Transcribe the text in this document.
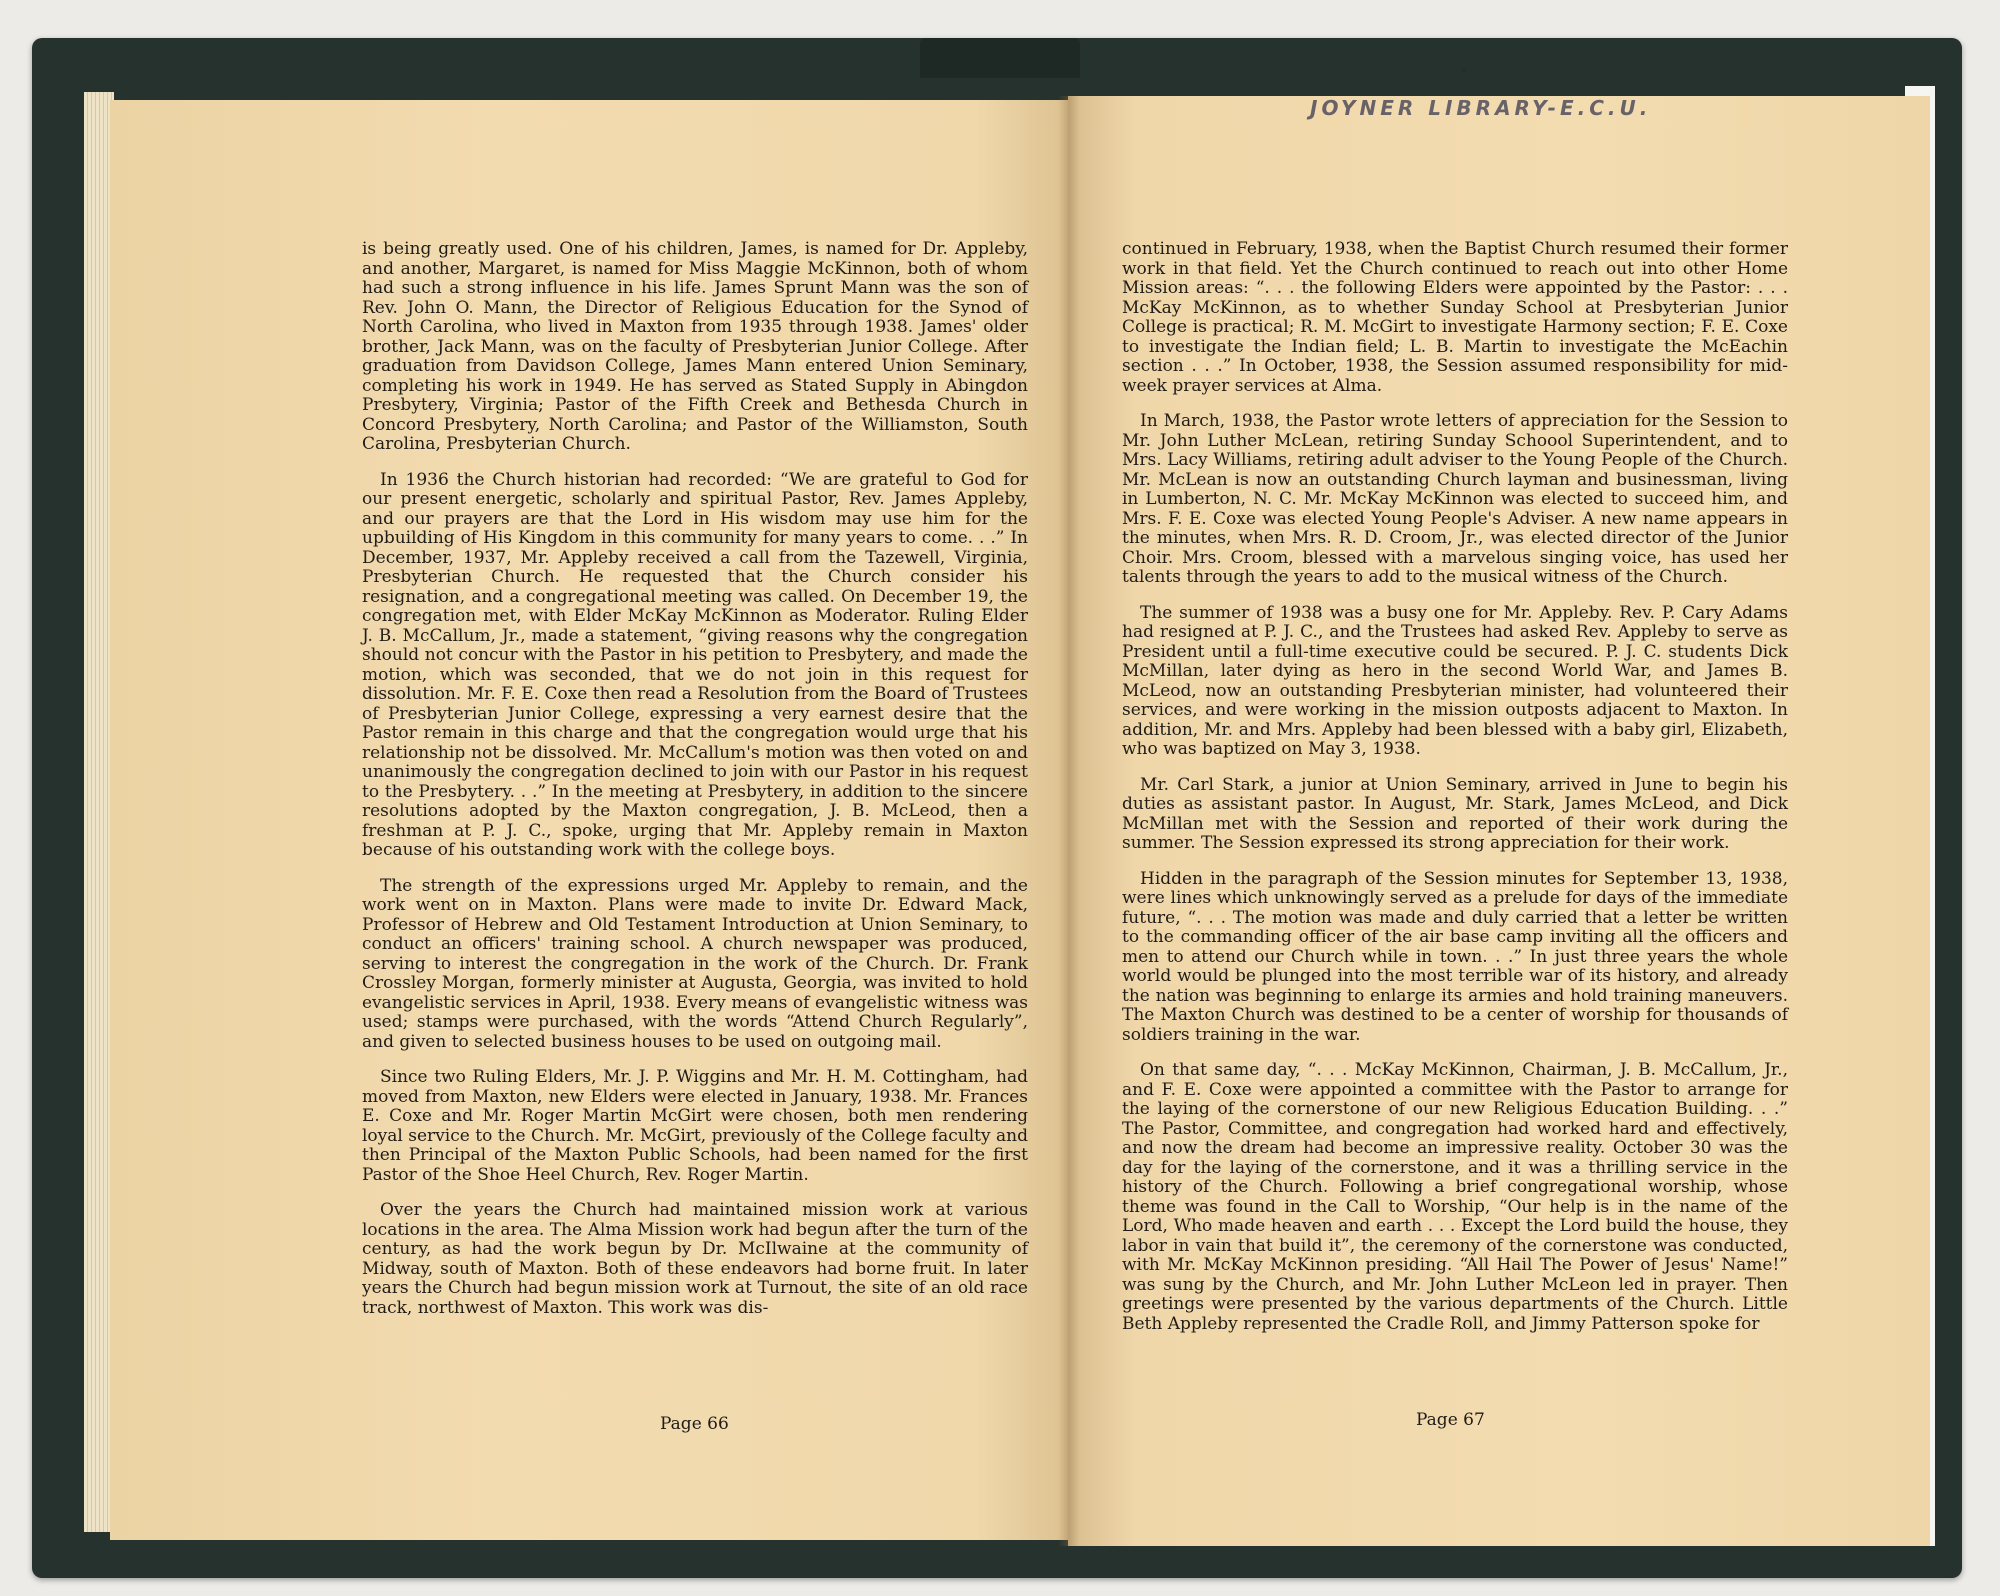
JOYNER LIBRARY-E.C.U.

is being greatly used. One of his children, James, is named for Dr. Appleby, and another, Margaret, is named for Miss Maggie McKinnon, both of whom had such a strong influence in his life. James Sprunt Mann was the son of Rev. John O. Mann, the Director of Religious Education for the Synod of North Carolina, who lived in Maxton from 1935 through 1938. James' older brother, Jack Mann, was on the faculty of Presbyterian Junior College. After graduation from Davidson College, James Mann entered Union Seminary, completing his work in 1949. He has served as Stated Supply in Abingdon Presbytery, Virginia; Pastor of the Fifth Creek and Bethesda Church in Concord Presbytery, North Carolina; and Pastor of the Williamston, South Carolina, Presbyterian Church.

In 1936 the Church historian had recorded: “We are grateful to God for our present energetic, scholarly and spiritual Pastor, Rev. James Appleby, and our prayers are that the Lord in His wisdom may use him for the upbuilding of His Kingdom in this community for many years to come. . .” In December, 1937, Mr. Appleby received a call from the Tazewell, Virginia, Presbyterian Church. He requested that the Church consider his resignation, and a congregational meeting was called. On December 19, the congregation met, with Elder McKay McKinnon as Moderator. Ruling Elder J. B. McCallum, Jr., made a statement, “giving reasons why the congregation should not concur with the Pastor in his petition to Presbytery, and made the motion, which was seconded, that we do not join in this request for dissolution. Mr. F. E. Coxe then read a Resolution from the Board of Trustees of Presbyterian Junior College, expressing a very earnest desire that the Pastor remain in this charge and that the congregation would urge that his relationship not be dissolved. Mr. McCallum's motion was then voted on and unanimously the congregation declined to join with our Pastor in his request to the Presbytery. . .” In the meeting at Presbytery, in addition to the sincere resolutions adopted by the Maxton congregation, J. B. McLeod, then a freshman at P. J. C., spoke, urging that Mr. Appleby remain in Maxton because of his outstanding work with the college boys.

The strength of the expressions urged Mr. Appleby to remain, and the work went on in Maxton. Plans were made to invite Dr. Edward Mack, Professor of Hebrew and Old Testament Introduction at Union Seminary, to conduct an officers' training school. A church newspaper was produced, serving to interest the congregation in the work of the Church. Dr. Frank Crossley Morgan, formerly minister at Augusta, Georgia, was invited to hold evangelistic services in April, 1938. Every means of evangelistic witness was used; stamps were purchased, with the words “Attend Church Regularly”, and given to selected business houses to be used on outgoing mail.

Since two Ruling Elders, Mr. J. P. Wiggins and Mr. H. M. Cottingham, had moved from Maxton, new Elders were elected in January, 1938. Mr. Frances E. Coxe and Mr. Roger Martin McGirt were chosen, both men rendering loyal service to the Church. Mr. McGirt, previously of the College faculty and then Principal of the Maxton Public Schools, had been named for the first Pastor of the Shoe Heel Church, Rev. Roger Martin.

Over the years the Church had maintained mission work at various locations in the area. The Alma Mission work had begun after the turn of the century, as had the work begun by Dr. McIlwaine at the community of Midway, south of Maxton. Both of these endeavors had borne fruit. In later years the Church had begun mission work at Turnout, the site of an old race track, northwest of Maxton. This work was dis-

continued in February, 1938, when the Baptist Church resumed their former work in that field. Yet the Church continued to reach out into other Home Mission areas: “. . . the following Elders were appointed by the Pastor: . . . McKay McKinnon, as to whether Sunday School at Presbyterian Junior College is practical; R. M. McGirt to investigate Harmony section; F. E. Coxe to investigate the Indian field; L. B. Martin to investigate the McEachin section . . .” In October, 1938, the Session assumed responsibility for mid-week prayer services at Alma.

In March, 1938, the Pastor wrote letters of appreciation for the Session to Mr. John Luther McLean, retiring Sunday Schoool Superintendent, and to Mrs. Lacy Williams, retiring adult adviser to the Young People of the Church. Mr. McLean is now an outstanding Church layman and businessman, living in Lumberton, N. C. Mr. McKay McKinnon was elected to succeed him, and Mrs. F. E. Coxe was elected Young People's Adviser. A new name appears in the minutes, when Mrs. R. D. Croom, Jr., was elected director of the Junior Choir. Mrs. Croom, blessed with a marvelous singing voice, has used her talents through the years to add to the musical witness of the Church.

The summer of 1938 was a busy one for Mr. Appleby. Rev. P. Cary Adams had resigned at P. J. C., and the Trustees had asked Rev. Appleby to serve as President until a full-time executive could be secured. P. J. C. students Dick McMillan, later dying as hero in the second World War, and James B. McLeod, now an outstanding Presbyterian minister, had volunteered their services, and were working in the mission outposts adjacent to Maxton. In addition, Mr. and Mrs. Appleby had been blessed with a baby girl, Elizabeth, who was baptized on May 3, 1938.

Mr. Carl Stark, a junior at Union Seminary, arrived in June to begin his duties as assistant pastor. In August, Mr. Stark, James McLeod, and Dick McMillan met with the Session and reported of their work during the summer. The Session expressed its strong appreciation for their work.

Hidden in the paragraph of the Session minutes for September 13, 1938, were lines which unknowingly served as a prelude for days of the immediate future, “. . . The motion was made and duly carried that a letter be written to the commanding officer of the air base camp inviting all the officers and men to attend our Church while in town. . .” In just three years the whole world would be plunged into the most terrible war of its history, and already the nation was beginning to enlarge its armies and hold training maneuvers. The Maxton Church was destined to be a center of worship for thousands of soldiers training in the war.

On that same day, “. . . McKay McKinnon, Chairman, J. B. McCallum, Jr., and F. E. Coxe were appointed a committee with the Pastor to arrange for the laying of the cornerstone of our new Religious Education Building. . .” The Pastor, Committee, and congregation had worked hard and effectively, and now the dream had become an impressive reality. October 30 was the day for the laying of the cornerstone, and it was a thrilling service in the history of the Church. Following a brief congregational worship, whose theme was found in the Call to Worship, “Our help is in the name of the Lord, Who made heaven and earth . . . Except the Lord build the house, they labor in vain that build it”, the ceremony of the cornerstone was conducted, with Mr. McKay McKinnon presiding. “All Hail The Power of Jesus' Name!” was sung by the Church, and Mr. John Luther McLeon led in prayer. Then greetings were presented by the various departments of the Church. Little Beth Appleby represented the Cradle Roll, and Jimmy Patterson spoke for

Page 66	Page 67
